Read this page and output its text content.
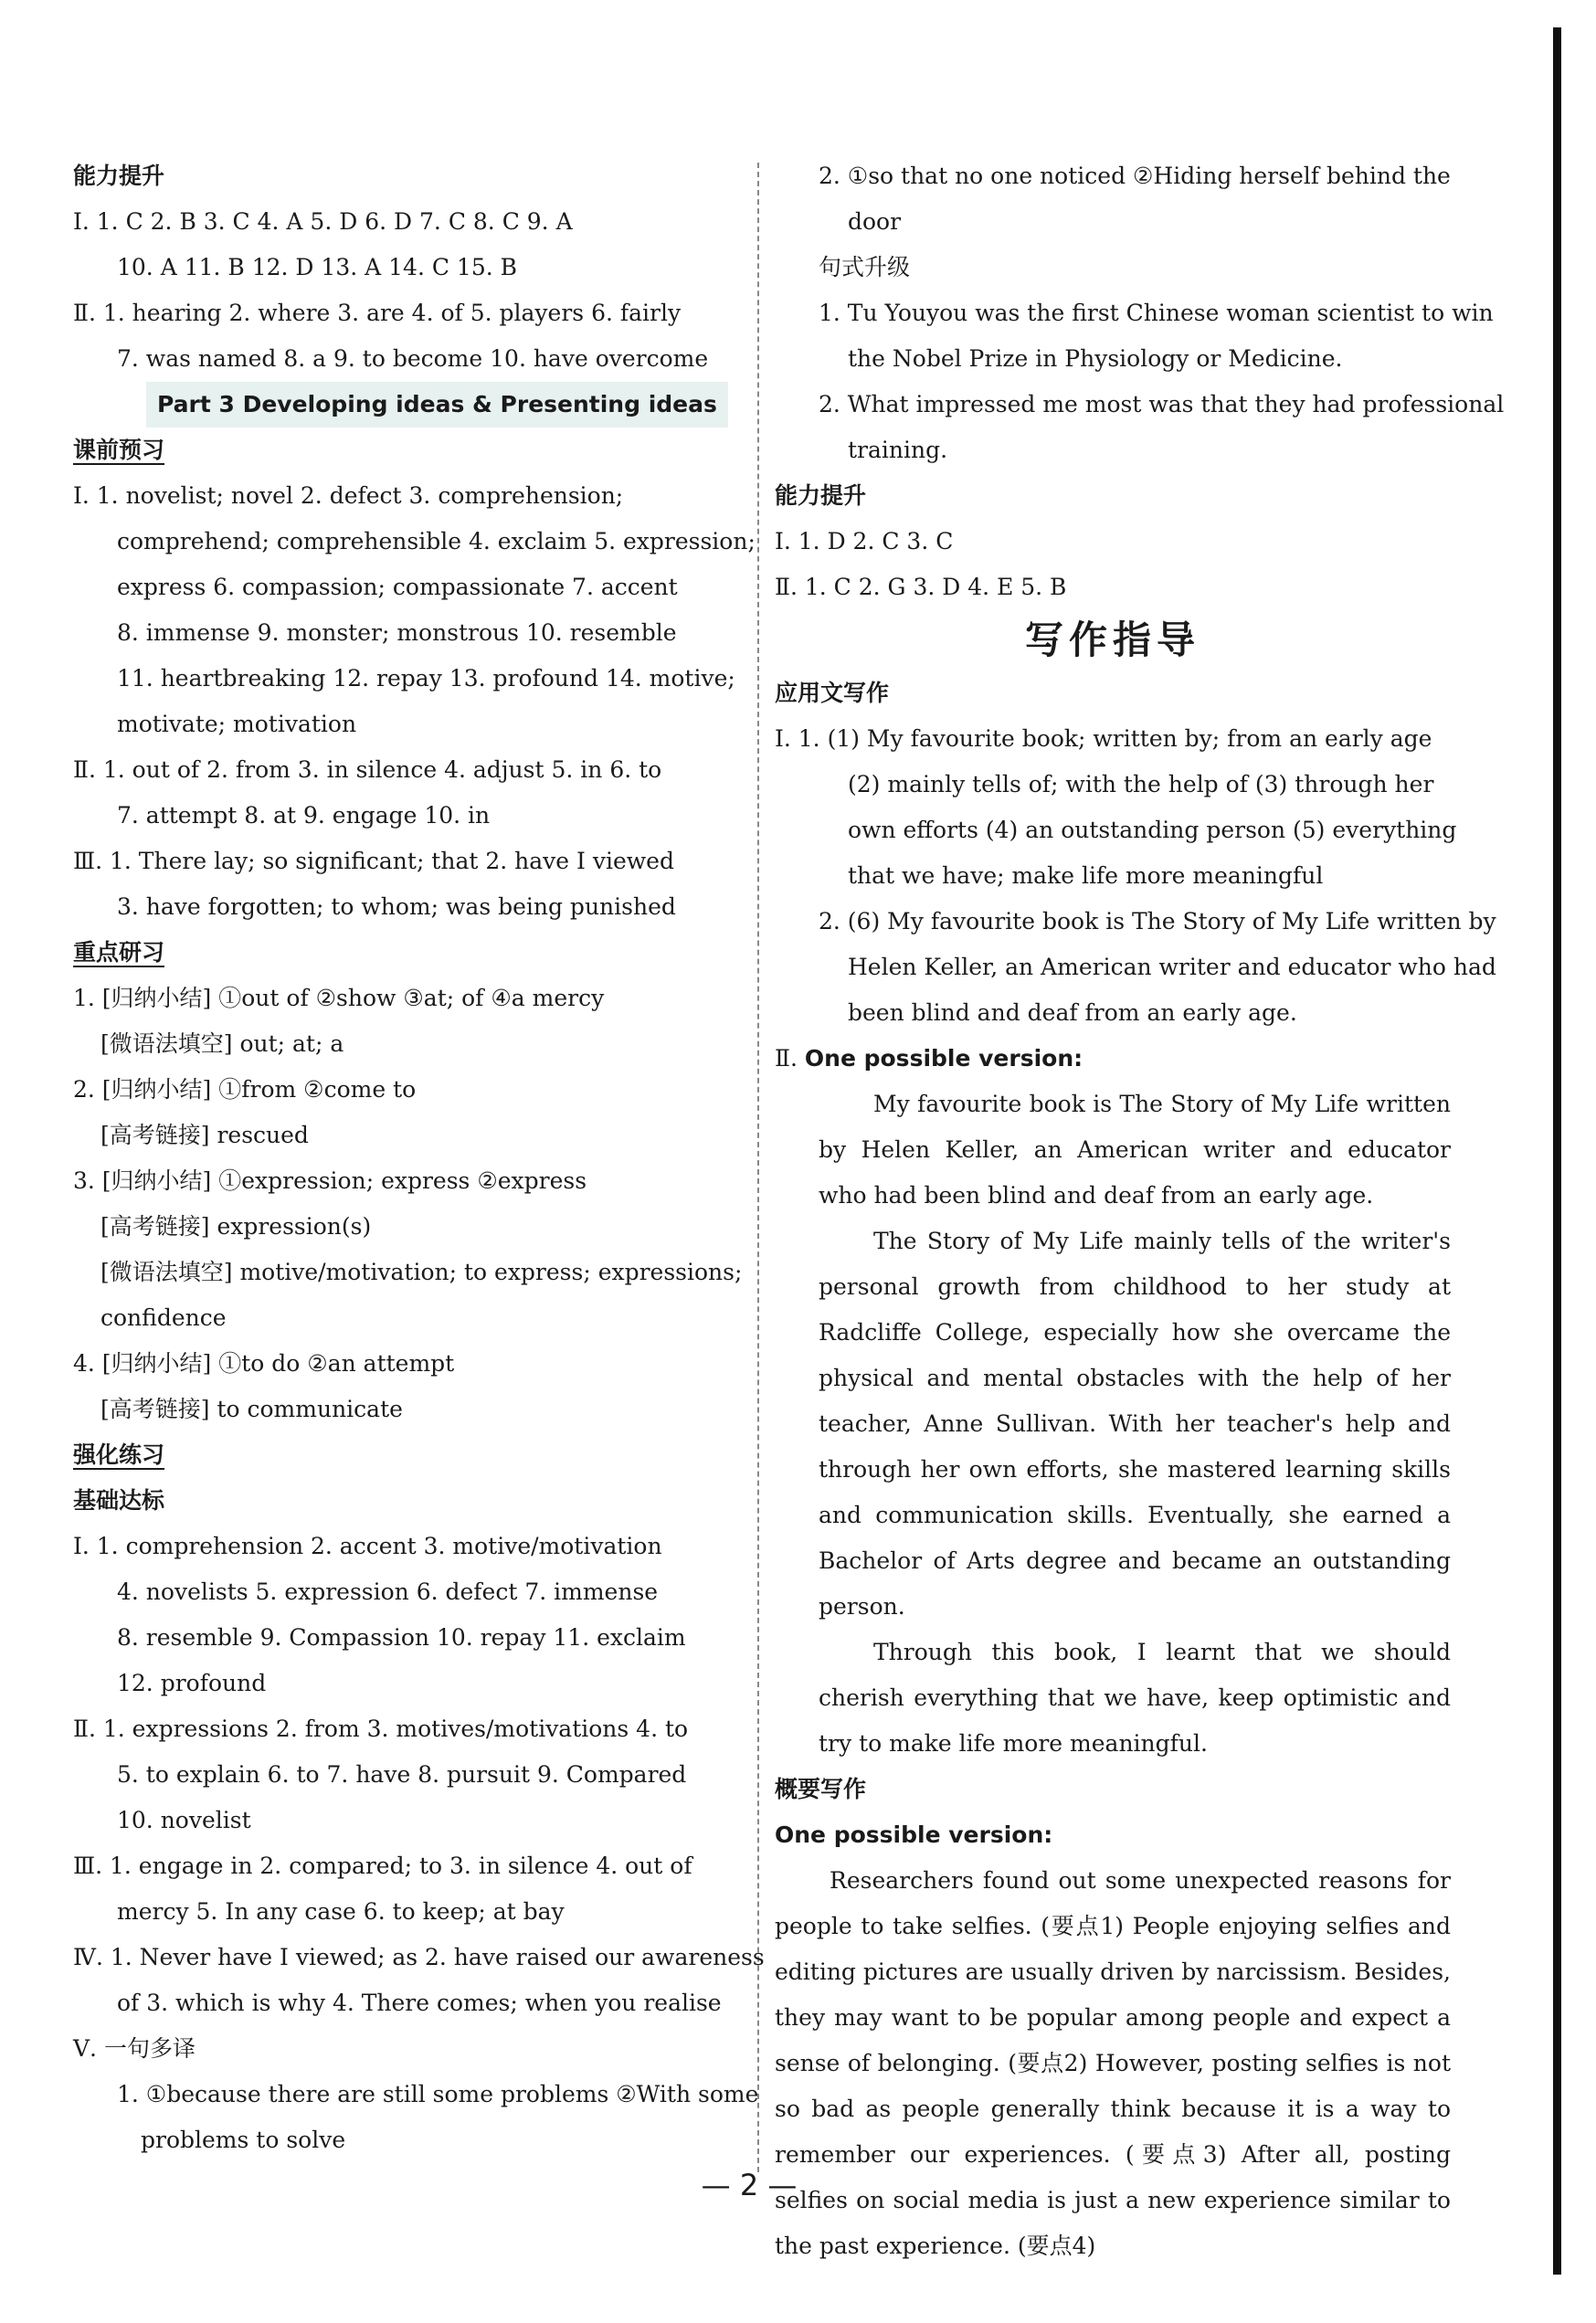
能力提升
Ⅰ. 1. C 2. B 3. C 4. A 5. D 6. D 7. C 8. C 9. A
10. A 11. B 12. D 13. A 14. C 15. B
Ⅱ. 1. hearing 2. where 3. are 4. of 5. players 6. fairly
7. was named 8. a 9. to become 10. have overcome
Part 3 Developing ideas & Presenting ideas
课前预习
Ⅰ. 1. novelist; novel 2. defect 3. comprehension;
comprehend; comprehensible 4. exclaim 5. expression;
express 6. compassion; compassionate 7. accent
8. immense 9. monster; monstrous 10. resemble
11. heartbreaking 12. repay 13. profound 14. motive;
motivate; motivation
Ⅱ. 1. out of 2. from 3. in silence 4. adjust 5. in 6. to
7. attempt 8. at 9. engage 10. in
Ⅲ. 1. There lay; so significant; that 2. have I viewed
3. have forgotten; to whom; was being punished
重点研习
1. [归纳小结] ①out of ②show ③at; of ④a mercy
[微语法填空] out; at; a
2. [归纳小结] ①from ②come to
[高考链接] rescued
3. [归纳小结] ①expression; express ②express
[高考链接] expression(s)
[微语法填空] motive/motivation; to express; expressions;
confidence
4. [归纳小结] ①to do ②an attempt
[高考链接] to communicate
强化练习
基础达标
Ⅰ. 1. comprehension 2. accent 3. motive/motivation
4. novelists 5. expression 6. defect 7. immense
8. resemble 9. Compassion 10. repay 11. exclaim
12. profound
Ⅱ. 1. expressions 2. from 3. motives/motivations 4. to
5. to explain 6. to 7. have 8. pursuit 9. Compared
10. novelist
Ⅲ. 1. engage in 2. compared; to 3. in silence 4. out of
mercy 5. In any case 6. to keep; at bay
Ⅳ. 1. Never have I viewed; as 2. have raised our awareness
of 3. which is why 4. There comes; when you realise
Ⅴ. 一句多译
1. ①because there are still some problems ②With some
problems to solve
2. ①so that no one noticed ②Hiding herself behind the
door
句式升级
1. Tu Youyou was the first Chinese woman scientist to win
the Nobel Prize in Physiology or Medicine.
2. What impressed me most was that they had professional
training.
能力提升
Ⅰ. 1. D 2. C 3. C
Ⅱ. 1. C 2. G 3. D 4. E 5. B
写作指导
应用文写作
Ⅰ. 1. (1) My favourite book; written by; from an early age
(2) mainly tells of; with the help of (3) through her
own efforts (4) an outstanding person (5) everything
that we have; make life more meaningful
2. (6) My favourite book is The Story of My Life written by
Helen Keller, an American writer and educator who had
been blind and deaf from an early age.
Ⅱ. One possible version:
My favourite book is The Story of My Life written by Helen Keller, an American writer and educator who had been blind and deaf from an early age.
The Story of My Life mainly tells of the writer's personal growth from childhood to her study at Radcliffe College, especially how she overcame the physical and mental obstacles with the help of her teacher, Anne Sullivan. With her teacher's help and through her own efforts, she mastered learning skills and communication skills. Eventually, she earned a Bachelor of Arts degree and became an outstanding person.
Through this book, I learnt that we should cherish everything that we have, keep optimistic and try to make life more meaningful.
概要写作
One possible version:
Researchers found out some unexpected reasons for people to take selfies. (要点1) People enjoying selfies and editing pictures are usually driven by narcissism. Besides, they may want to be popular among people and expect a sense of belonging. (要点2) However, posting selfies is not so bad as people generally think because it is a way to remember our experiences. (要点3) After all, posting selfies on social media is just a new experience similar to the past experience. (要点4)
— 2 —
